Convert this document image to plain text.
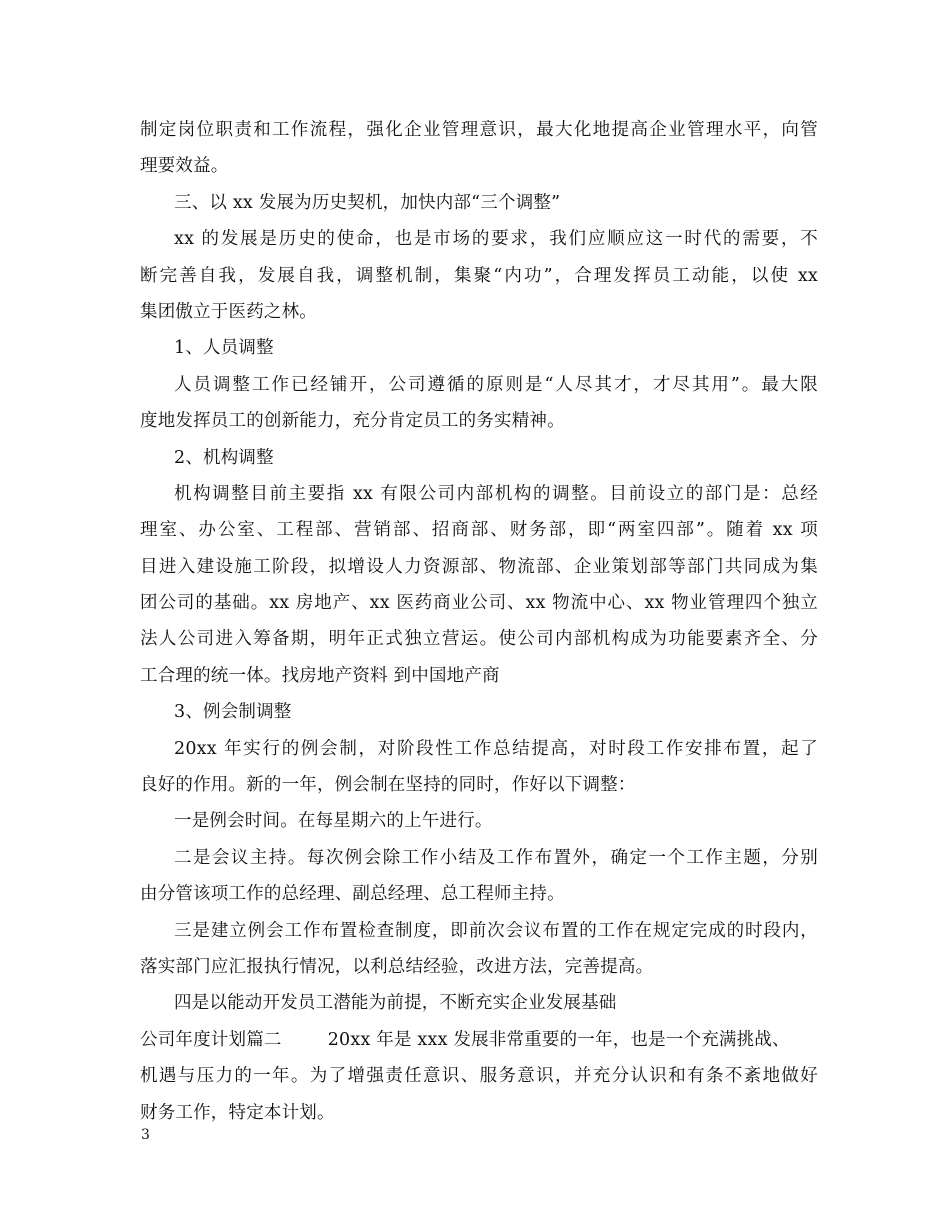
制定岗位职责和工作流程，强化企业管理意识，最大化地提高企业管理水平，向管
理要效益。
三、以 xx 发展为历史契机，加快内部“三个调整”
xx 的发展是历史的使命，也是市场的要求，我们应顺应这一时代的需要，不
断完善自我，发展自我，调整机制，集聚“内功”，合理发挥员工动能，以使 xx
集团傲立于医药之林。
1、人员调整
人员调整工作已经铺开，公司遵循的原则是“人尽其才，才尽其用”。最大限
度地发挥员工的创新能力，充分肯定员工的务实精神。
2、机构调整
机构调整目前主要指 xx 有限公司内部机构的调整。目前设立的部门是：总经
理室、办公室、工程部、营销部、招商部、财务部，即“两室四部”。随着 xx 项
目进入建设施工阶段，拟增设人力资源部、物流部、企业策划部等部门共同成为集
团公司的基础。xx 房地产、xx 医药商业公司、xx 物流中心、xx 物业管理四个独立
法人公司进入筹备期，明年正式独立营运。使公司内部机构成为功能要素齐全、分
工合理的统一体。找房地产资料 到中国地产商
3、例会制调整
20xx 年实行的例会制，对阶段性工作总结提高，对时段工作安排布置，起了
良好的作用。新的一年，例会制在坚持的同时，作好以下调整：
一是例会时间。在每星期六的上午进行。
二是会议主持。每次例会除工作小结及工作布置外，确定一个工作主题，分别
由分管该项工作的总经理、副总经理、总工程师主持。
三是建立例会工作布置检查制度，即前次会议布置的工作在规定完成的时段内，
落实部门应汇报执行情况，以利总结经验，改进方法，完善提高。
四是以能动开发员工潜能为前提，不断充实企业发展基础
公司年度计划篇二        20xx 年是 xxx 发展非常重要的一年，也是一个充满挑战、
机遇与压力的一年。为了增强责任意识、服务意识，并充分认识和有条不紊地做好
财务工作，特定本计划。
3
